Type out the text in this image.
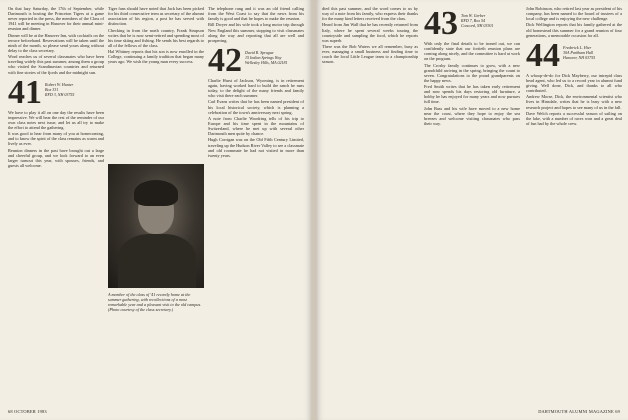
On that lazy Saturday, the 17th of September, while Dartmouth is hosting the Princeton Tigers at a game never reported in the press, the members of the Class of 1941 will be meeting in Hanover for their annual mini-reunion and dinner.

Dinner will be at the Hanover Inn, with cocktails on the terrace beforehand. Reservations will be taken until the ninth of the month, so please send yours along without delay to the class secretary.

Word reaches us of several classmates who have been traveling widely this past summer, among them a group who visited the Scandinavian countries and returned with fine stories of the fjords and the midnight sun.

41 Robert W. Hunter
Box 331
RFD 3, NH 03755

We have to play it all on one day the results have been impressive. We will hear the rest of the reminder of our own class notes next issue, and let us all try to make the effort to attend the gathering.

It was good to hear from many of you at homecoming, and to know the spirit of the class remains as warm and lively as ever.

Reunion dinners in the past have brought out a large and cheerful group, and we look forward to an even larger turnout this year, with spouses, friends, and guests all welcome.

Tiger fans should have noted that Jack has been picked for his third consecutive term as secretary of the alumni association of his region, a post he has served with distinction.

Checking in from the north country, Frank Simpson writes that he is now semi-retired and spending most of his time skiing and fishing. He sends his best regards to all of the fellows of the class.

Hal Whitney reports that his son is now enrolled in the College, continuing a family tradition that began many years ago. We wish the young man every success.

A member of the class of '41 recently home at the summer gathering, with recollections of a most remarkable year and a pleasant visit to the old campus. (Photo courtesy of the class secretary.)

The telephone rang and it was an old friend calling from the West Coast to say that the news from his family is good and that he hopes to make the reunion.

Bill Dwyer and his wife took a long motor trip through New England this summer, stopping to visit classmates along the way and reporting that all are well and prospering.

42 David R. Sprague
15 Indian Springs Way
Wellesley Hills, MA 02181

Charlie Hurst of Jackson, Wyoming, is in retirement again, having worked hard to build the ranch he runs today, to the delight of the many friends and family who visit there each summer.

Carl Evans writes that he has been named president of his local historical society, which is planning a celebration of the town's anniversary next spring.

A note from Charlie Woodring tells of his trip to Europe and his time spent in the mountains of Switzerland, where he met up with several other Dartmouth men quite by chance.

Hugh Corrigan was on the Old Fifth Century Limited, traveling up the Hudson River Valley to see a classmate and old roommate he had not visited in more than twenty years.

68 OCTOBER 1983

died this past summer, and the word comes to us by way of a note from his family, who express their thanks for the many kind letters received from the class.

Heard from Jim Wall that he has recently returned from Italy, where he spent several weeks touring the countryside and sampling the food, which he reports was superb.

There was the Bob Waters we all remember, busy as ever, managing a small business and finding time to coach the local Little League team to a championship season.

43 Tom W. Gerber
RFD 7, Box 54
Concord, NH 03301

With only the final details to be ironed out, we can confidently state that our fortieth reunion plans are coming along nicely, and the committee is hard at work on the program.

The Crosby family continues to grow, with a new grandchild arriving in the spring, bringing the count to seven. Congratulations to the proud grandparents on the happy news.

Fred Smith writes that he has taken early retirement and now spends his days restoring old furniture, a hobby he has enjoyed for many years and now pursues full time.

John Bass and his wife have moved to a new home near the coast, where they hope to enjoy the sea breezes and welcome visiting classmates who pass their way.

John Robinson, who retired last year as president of his company, has been named to the board of trustees of a local college and is enjoying the new challenge.

Dick Wellington reports that his family gathered at the old homestead this summer for a grand reunion of four generations, a memorable occasion for all.

44 Frederick L. Hier
30A Parkham Hall
Hanover, NH 03755

A whoop-de-do for Dick Mayberry, our intrepid class head agent, who led us to a record year in alumni fund giving. Well done, Dick, and thanks to all who contributed.

Andrew Morse, Dick, the environmental scientist who lives in Hinsdale, writes that he is busy with a new research project and hopes to see many of us in the fall.

Dave Welch reports a successful season of sailing on the lake, with a number of races won and a great deal of fun had by the whole crew.

DARTMOUTH ALUMNI MAGAZINE 69
